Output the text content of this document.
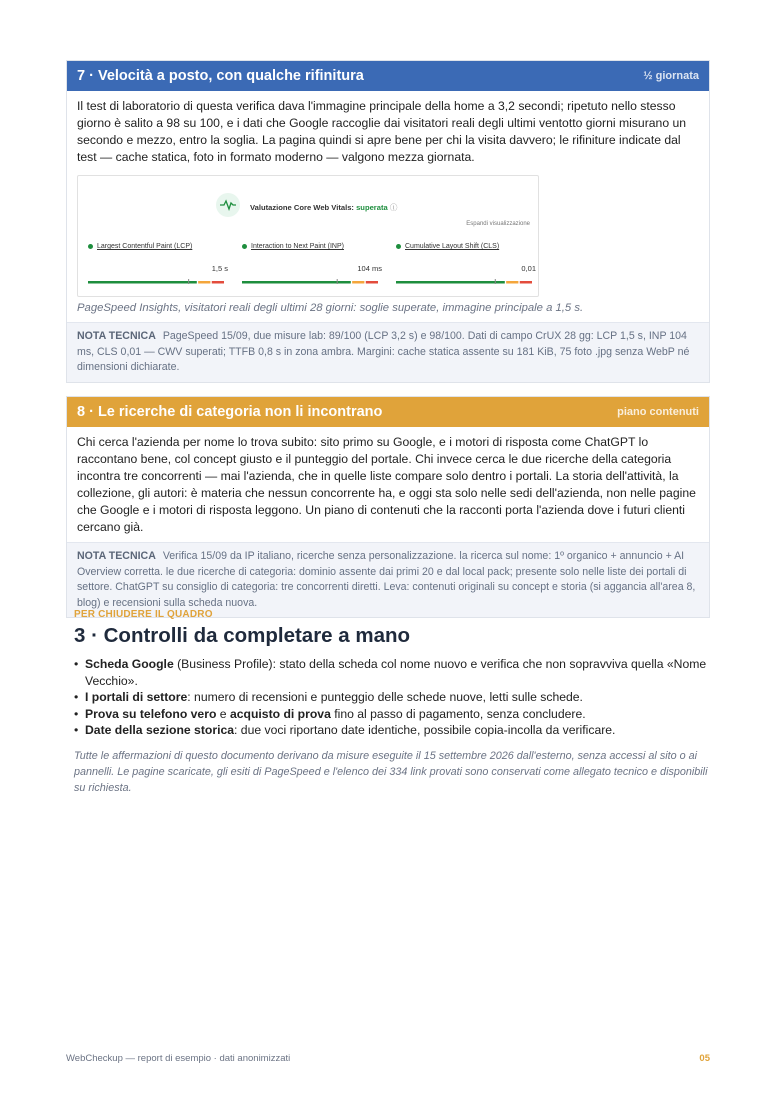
7 · Velocità a posto, con qualche rifinitura	½ giornata

Il test di laboratorio di questa verifica dava l'immagine principale della home a 3,2 secondi; ripetuto nello stesso giorno è salito a 98 su 100, e i dati che Google raccoglie dai visitatori reali degli ultimi ventotto giorni misurano un secondo e mezzo, entro la soglia. La pagina quindi si apre bene per chi la visita davvero; le rifiniture indicate dal test — cache statica, foto in formato moderno — valgono mezza giornata.

Valutazione Core Web Vitals: superata ⓘ
Espandi visualizzazione
Largest Contentful Paint (LCP)
1,5 s
Interaction to Next Paint (INP)
104 ms
Cumulative Layout Shift (CLS)
0,01
PageSpeed Insights, visitatori reali degli ultimi 28 giorni: soglie superate, immagine principale a 1,5 s.
NOTA TECNICA PageSpeed 15/09, due misure lab: 89/100 (LCP 3,2 s) e 98/100. Dati di campo CrUX 28 gg: LCP 1,5 s, INP 104 ms, CLS 0,01 — CWV superati; TTFB 0,8 s in zona ambra. Margini: cache statica assente su 181 KiB, 75 foto .jpg senza WebP né dimensioni dichiarate.
8 · Le ricerche di categoria non li incontrano	piano contenuti

Chi cerca l'azienda per nome lo trova subito: sito primo su Google, e i motori di risposta come ChatGPT lo raccontano bene, col concept giusto e il punteggio del portale. Chi invece cerca le due ricerche della categoria incontra tre concorrenti — mai l'azienda, che in quelle liste compare solo dentro i portali. La storia dell'attività, la collezione, gli autori: è materia che nessun concorrente ha, e oggi sta solo nelle sedi dell'azienda, non nelle pagine che Google e i motori di risposta leggono. Un piano di contenuti che la racconti porta l'azienda dove i futuri clienti cercano già.

NOTA TECNICA Verifica 15/09 da IP italiano, ricerche senza personalizzazione. la ricerca sul nome: 1º organico + annuncio + AI Overview corretta. le due ricerche di categoria: dominio assente dai primi 20 e dal local pack; presente solo nelle liste dei portali di settore. ChatGPT su consiglio di categoria: tre concorrenti diretti. Leva: contenuti originali su concept e storia (si aggancia all'area 8, blog) e recensioni sulla scheda nuova.
PER CHIUDERE IL QUADRO
3 · Controlli da completare a mano
• Scheda Google (Business Profile): stato della scheda col nome nuovo e verifica che non sopravviva quella «Nome Vecchio».
• I portali di settore: numero di recensioni e punteggio delle schede nuove, letti sulle schede.
• Prova su telefono vero e acquisto di prova fino al passo di pagamento, senza concludere.
• Date della sezione storica: due voci riportano date identiche, possibile copia-incolla da verificare.
Tutte le affermazioni di questo documento derivano da misure eseguite il 15 settembre 2026 dall'esterno, senza accessi al sito o ai pannelli. Le pagine scaricate, gli esiti di PageSpeed e l'elenco dei 334 link provati sono conservati come allegato tecnico e disponibili su richiesta.
WebCheckup — report di esempio · dati anonimizzati	05
